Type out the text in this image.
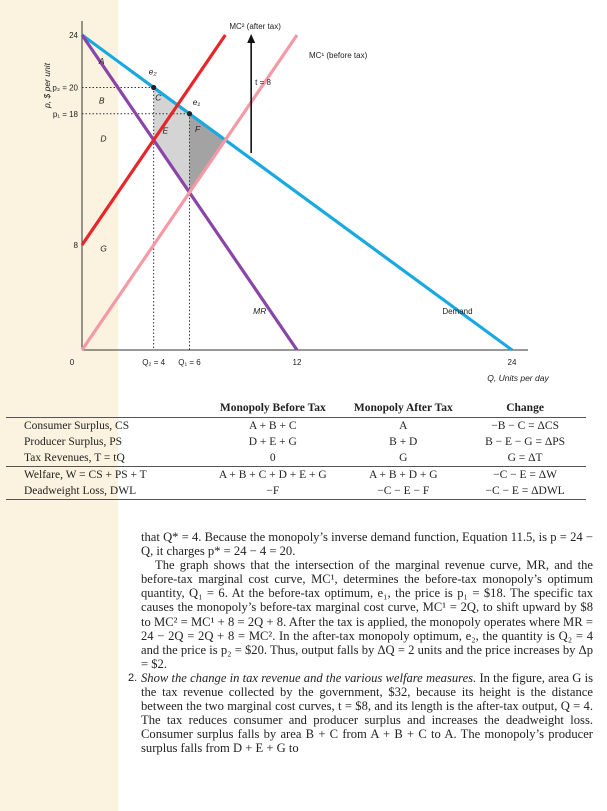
t = 8
MC² (after tax)
MC¹ (before tax)
MR	Demand
A
B	C
D
E	F
G
e₂
e₁
24
p₂ = 20
p₁ = 18
8
0	Q₂ = 4 Q₁ = 6	12	24
Q, Units per day
p, $ per unit
	Monopoly Before Tax	Monopoly After Tax	Change
Consumer Surplus, CS	A + B + C	A	−B − C = ΔCS
Producer Surplus, PS	D + E + G	B + D	B − E − G = ΔPS
Tax Revenues, T = tQ	0	G	G = ΔT
Welfare, W = CS + PS + T	A + B + C + D + E + G	A + B + D + G	−C − E = ΔW
Deadweight Loss, DWL	−F	−C − E − F	−C − E = ΔDWL

that Q* = 4. Because the monopoly’s inverse demand function, Equation 11.5, is p = 24 − Q, it charges p* = 24 − 4 = 20.

The graph shows that the intersection of the marginal revenue curve, MR, and the before-tax marginal cost curve, MC¹, determines the before-tax monopoly’s optimum quantity, Q₁ = 6. At the before-tax optimum, e₁, the price is p₁ = $18. The specific tax causes the monopoly’s before-tax marginal cost curve, MC¹ = 2Q, to shift upward by $8 to MC² = MC¹ + 8 = 2Q + 8. After the tax is applied, the monopoly operates where MR = 24 − 2Q = 2Q + 8 = MC². In the after-tax monopoly optimum, e₂, the quantity is Q₂ = 4 and the price is p₂ = $20. Thus, output falls by ΔQ = 2 units and the price increases by Δp = $2.

2. Show the change in tax revenue and the various welfare measures. In the figure, area G is the tax revenue collected by the government, $32, because its height is the distance between the two marginal cost curves, t = $8, and its length is the after-tax output, Q = 4. The tax reduces consumer and producer surplus and increases the deadweight loss. Consumer surplus falls by area B + C from A + B + C to A. The monopoly’s producer surplus falls from D + E + G to
